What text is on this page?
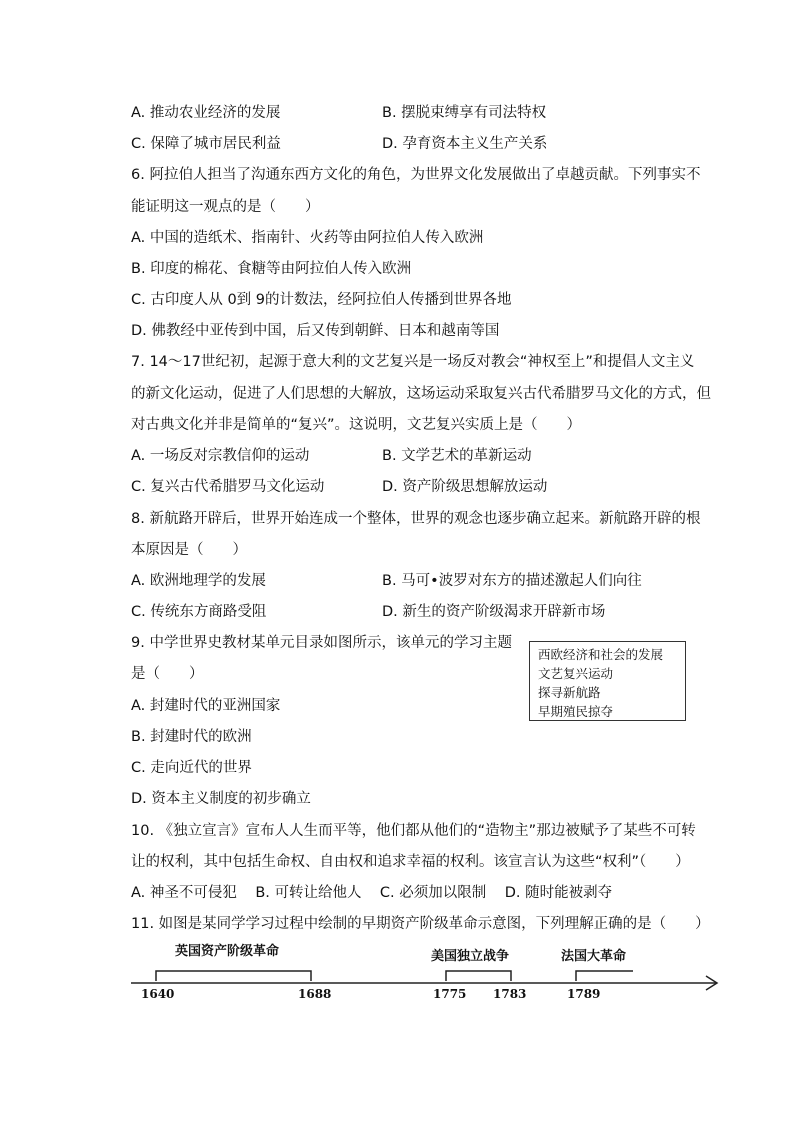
A. 推动农业经济的发展	B. 摆脱束缚享有司法特权
C. 保障了城市居民利益	D. 孕育资本主义生产关系
6. 阿拉伯人担当了沟通东西方文化的角色，为世界文化发展做出了卓越贡献。下列事实不
能证明这一观点的是（　　）
A. 中国的造纸术、指南针、火药等由阿拉伯人传入欧洲
B. 印度的棉花、食糖等由阿拉伯人传入欧洲
C. 古印度人从 0到 9的计数法，经阿拉伯人传播到世界各地
D. 佛教经中亚传到中国，后又传到朝鲜、日本和越南等国
7. 14～17世纪初，起源于意大利的文艺复兴是一场反对教会“神权至上”和提倡人文主义
的新文化运动，促进了人们思想的大解放，这场运动采取复兴古代希腊罗马文化的方式，但
对古典文化并非是简单的“复兴”。这说明，文艺复兴实质上是（　　）
A. 一场反对宗教信仰的运动	B. 文学艺术的革新运动
C. 复兴古代希腊罗马文化运动	D. 资产阶级思想解放运动
8. 新航路开辟后，世界开始连成一个整体，世界的观念也逐步确立起来。新航路开辟的根
本原因是（　　）
A. 欧洲地理学的发展	B. 马可•波罗对东方的描述激起人们向往
C. 传统东方商路受阻	D. 新生的资产阶级渴求开辟新市场
9. 中学世界史教材某单元目录如图所示，该单元的学习主题
是（　　）
西欧经济和社会的发展
文艺复兴运动
探寻新航路
早期殖民掠夺
A. 封建时代的亚洲国家
B. 封建时代的欧洲
C. 走向近代的世界
D. 资本主义制度的初步确立
10. 《独立宣言》宣布人人生而平等，他们都从他们的“造物主”那边被赋予了某些不可转
让的权利，其中包括生命权、自由权和追求幸福的权利。该宣言认为这些“权利”（　　）
A. 神圣不可侵犯    B. 可转让给他人    C. 必须加以限制    D. 随时能被剥夺
11. 如图是某同学学习过程中绘制的早期资产阶级革命示意图，下列理解正确的是（　　）
英国资产阶级革命	美国独立战争	法国大革命
1640	1688	1775 1783	1789
